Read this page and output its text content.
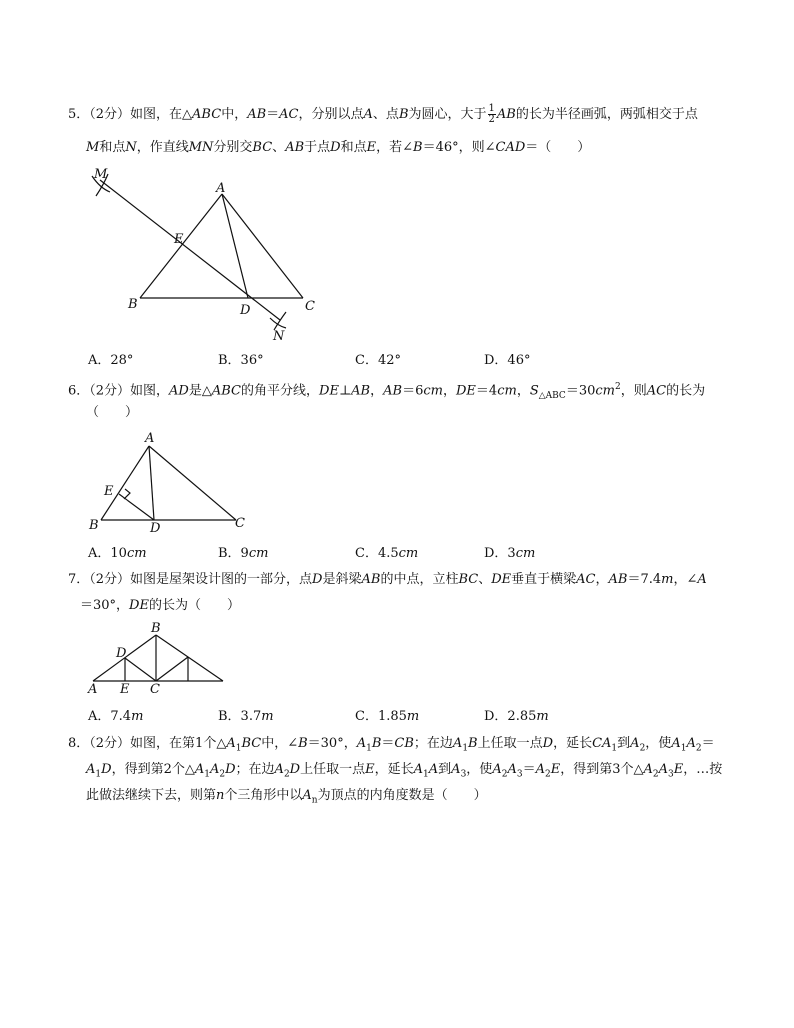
5．（2分）如图，在△ABC中，AB＝AC，分别以点A、点B为圆心，大于 $\frac{1}{2}$ AB的长为半径画弧，两弧相交于点
M和点N，作直线MN分别交BC、AB于点D和点E，若∠B＝46°，则∠CAD＝（　　）
M
A
E
B	D	C
N
A
E
B	D	C
B
D
A E C
A．28°	B．36°	C．42°	D．46°
6．（2分）如图，AD是△ABC的角平分线，DE⊥AB，AB＝6cm，DE＝4cm，$S_{\triangle ABC}=30cm^2$，则AC的长为
（　　）
A．10cm	B．9cm	C．4.5cm	D．3cm
7．（2分）如图是屋架设计图的一部分，点D是斜梁AB的中点，立柱BC、DE垂直于横梁AC，AB＝7.4m，∠A
＝30°，DE的长为（　　）
A．7.4m	B．3.7m	C．1.85m	D．2.85m
8．（2分）如图，在第1个$\triangle A_1BC$中，∠B＝30°，$A_1B=CB$；在边$A_1B$上任取一点D，延长$CA_1$到$A_2$，使$A_1A_2=$
$A_1D$，得到第2个$\triangle A_1A_2D$；在边$A_2D$上任取一点E，延长$A_1A$到$A_3$，使$A_2A_3=A_2E$，得到第3个$\triangle A_2A_3E$，…按
此做法继续下去，则第n个三角形中以$A_n$为顶点的内角度数是（　　）
